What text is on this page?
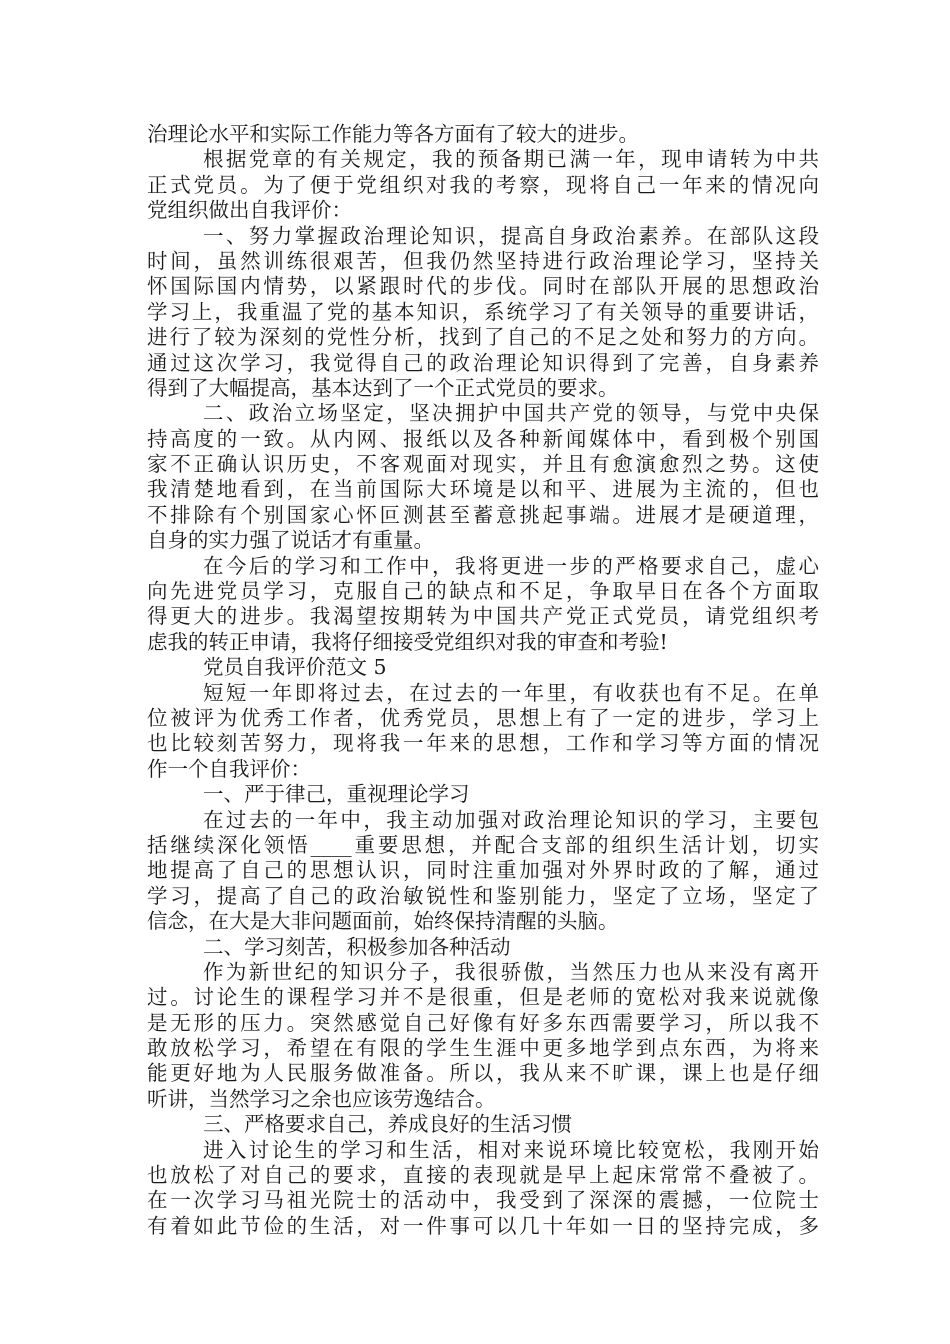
治理论水平和实际工作能力等各方面有了较大的进步。
根据党章的有关规定，我的预备期已满一年，现申请转为中共
正式党员。为了便于党组织对我的考察，现将自己一年来的情况向
党组织做出自我评价：
一、努力掌握政治理论知识，提高自身政治素养。在部队这段
时间，虽然训练很艰苦，但我仍然坚持进行政治理论学习，坚持关
怀国际国内情势，以紧跟时代的步伐。同时在部队开展的思想政治
学习上，我重温了党的基本知识，系统学习了有关领导的重要讲话，
进行了较为深刻的党性分析，找到了自己的不足之处和努力的方向。
通过这次学习，我觉得自己的政治理论知识得到了完善，自身素养
得到了大幅提高，基本达到了一个正式党员的要求。
二、政治立场坚定，坚决拥护中国共产党的领导，与党中央保
持高度的一致。从内网、报纸以及各种新闻媒体中，看到极个别国
家不正确认识历史，不客观面对现实，并且有愈演愈烈之势。这使
我清楚地看到，在当前国际大环境是以和平、进展为主流的，但也
不排除有个别国家心怀叵测甚至蓄意挑起事端。进展才是硬道理，
自身的实力强了说话才有重量。
在今后的学习和工作中，我将更进一步的严格要求自己，虚心
向先进党员学习，克服自己的缺点和不足，争取早日在各个方面取
得更大的进步。我渴望按期转为中国共产党正式党员，请党组织考
虑我的转正申请，我将仔细接受党组织对我的审查和考验!
党员自我评价范文 5
短短一年即将过去，在过去的一年里，有收获也有不足。在单
位被评为优秀工作者，优秀党员，思想上有了一定的进步，学习上
也比较刻苦努力，现将我一年来的思想，工作和学习等方面的情况
作一个自我评价：
一、严于律己，重视理论学习
在过去的一年中，我主动加强对政治理论知识的学习，主要包
括继续深化领悟____重要思想，并配合支部的组织生活计划，切实
地提高了自己的思想认识，同时注重加强对外界时政的了解，通过
学习，提高了自己的政治敏锐性和鉴别能力，坚定了立场，坚定了
信念，在大是大非问题面前，始终保持清醒的头脑。
二、学习刻苦，积极参加各种活动
作为新世纪的知识分子，我很骄傲，当然压力也从来没有离开
过。讨论生的课程学习并不是很重，但是老师的宽松对我来说就像
是无形的压力。突然感觉自己好像有好多东西需要学习，所以我不
敢放松学习，希望在有限的学生生涯中更多地学到点东西，为将来
能更好地为人民服务做准备。所以，我从来不旷课，课上也是仔细
听讲，当然学习之余也应该劳逸结合。
三、严格要求自己，养成良好的生活习惯
进入讨论生的学习和生活，相对来说环境比较宽松，我刚开始
也放松了对自己的要求，直接的表现就是早上起床常常不叠被了。
在一次学习马祖光院士的活动中，我受到了深深的震撼，一位院士
有着如此节俭的生活，对一件事可以几十年如一日的坚持完成，多
